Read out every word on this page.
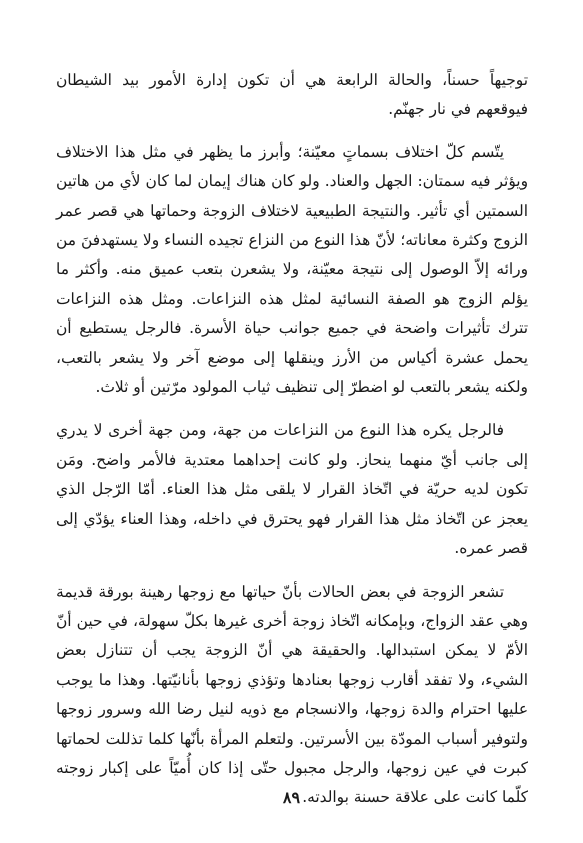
توجيهاً حسناً، والحالة الرابعة هي أن تكون إدارة الأمور بيد الشيطان فيوقعهم في نار جهنّم.

يتّسم كلّ اختلاف بسماتٍ معيّنة؛ وأبرز ما يظهر في مثل هذا الاختلاف ويؤثر فيه سمتان: الجهل والعناد. ولو كان هناك إيمان لما كان لأي من هاتين السمتين أي تأثير. والنتيجة الطبيعية لاختلاف الزوجة وحماتها هي قصر عمر الزوج وكثرة معاناته؛ لأنّ هذا النوع من النزاع تجيده النساء ولا يستهدفنَ من ورائه إلاّ الوصول إلى نتيجة معيّنة، ولا يشعرن بتعب عميق منه. وأكثر ما يؤلم الزوج هو الصفة النسائية لمثل هذه النزاعات. ومثل هذه النزاعات تترك تأثيرات واضحة في جميع جوانب حياة الأسرة. فالرجل يستطيع أن يحمل عشرة أكياس من الأرز وينقلها إلى موضع آخر ولا يشعر بالتعب، ولكنه يشعر بالتعب لو اضطرّ إلى تنظيف ثياب المولود مرّتين أو ثلاث.

فالرجل يكره هذا النوع من النزاعات من جهة، ومن جهة أخرى لا يدري إلى جانب أيّ منهما ينحاز. ولو كانت إحداهما معتدية فالأمر واضح. ومَن تكون لديه حريّة في اتّخاذ القرار لا يلقى مثل هذا العناء. أمّا الرّجل الذي يعجز عن اتّخاذ مثل هذا القرار فهو يحترق في داخله، وهذا العناء يؤدّي إلى قصر عمره.

تشعر الزوجة في بعض الحالات بأنّ حياتها مع زوجها رهينة بورقة قديمة وهي عقد الزواج، وبإمكانه اتّخاذ زوجة أخرى غيرها بكلّ سهولة، في حين أنّ الأمّ لا يمكن استبدالها. والحقيقة هي أنّ الزوجة يجب أن تتنازل بعض الشيء، ولا تفقد أقارب زوجها بعنادها وتؤذي زوجها بأنانيّتها. وهذا ما يوجب عليها احترام والدة زوجها، والانسجام مع ذويه لنيل رضا الله وسرور زوجها ولتوفير أسباب المودّة بين الأسرتين. ولتعلم المرأة بأنّها كلما تذللت لحماتها كبرت في عين زوجها، والرجل مجبول حتّى إذا كان أُميّاً على إكبار زوجته كلّما كانت على علاقة حسنة بوالدته.

٨٩
